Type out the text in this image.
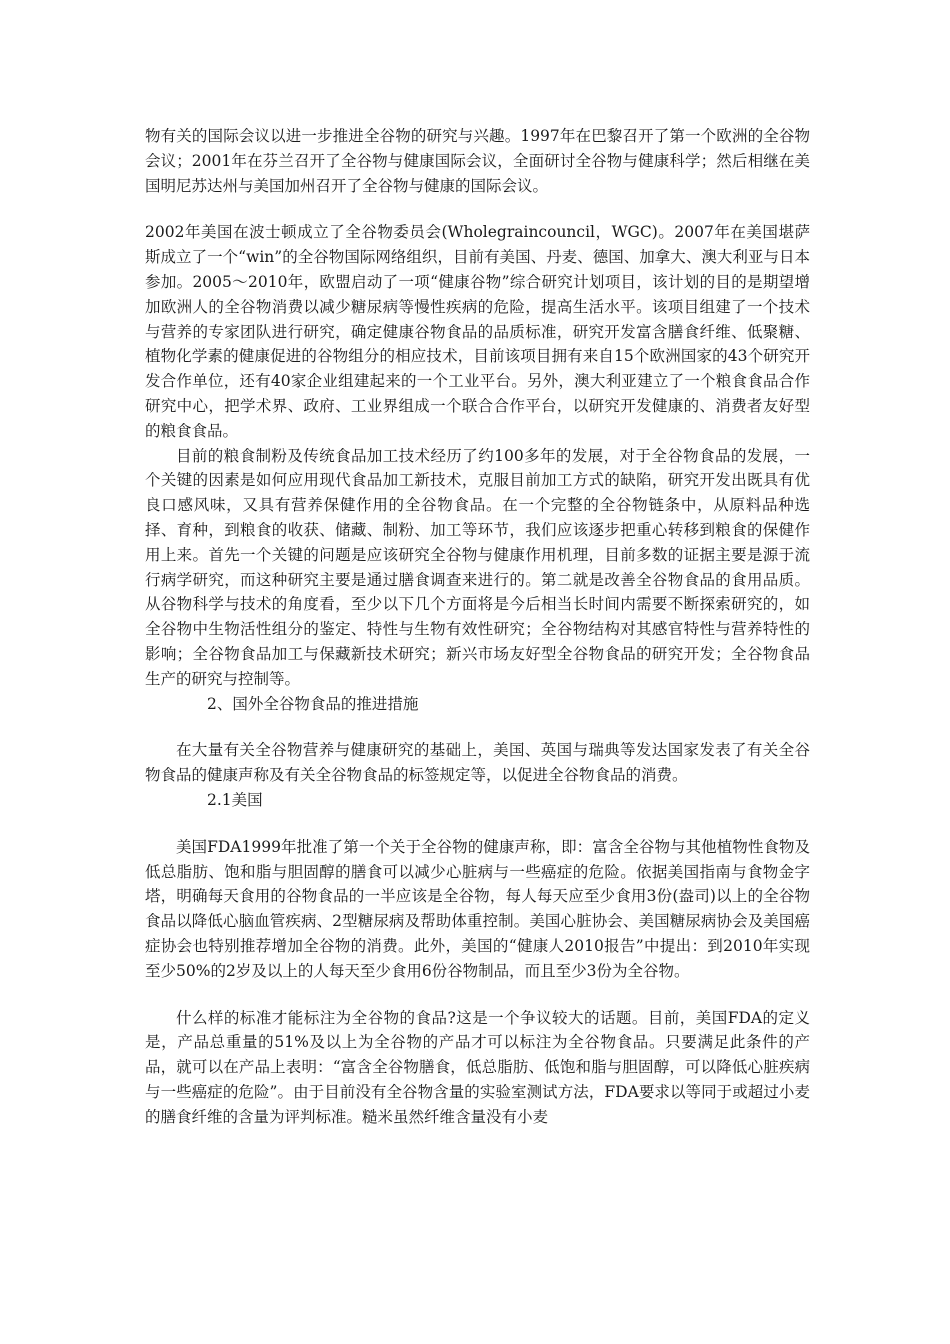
物有关的国际会议以进一步推进全谷物的研究与兴趣。1997年在巴黎召开了第一个欧洲的全谷物会议；2001年在芬兰召开了全谷物与健康国际会议，全面研讨全谷物与健康科学；然后相继在美国明尼苏达州与美国加州召开了全谷物与健康的国际会议。

2002年美国在波士顿成立了全谷物委员会(Wholegraincouncil，WGC)。2007年在美国堪萨斯成立了一个“win”的全谷物国际网络组织，目前有美国、丹麦、德国、加拿大、澳大利亚与日本参加。2005～2010年，欧盟启动了一项“健康谷物”综合研究计划项目，该计划的目的是期望增加欧洲人的全谷物消费以减少糖尿病等慢性疾病的危险，提高生活水平。该项目组建了一个技术与营养的专家团队进行研究，确定健康谷物食品的品质标准，研究开发富含膳食纤维、低聚糖、植物化学素的健康促进的谷物组分的相应技术，目前该项目拥有来自15个欧洲国家的43个研究开发合作单位，还有40家企业组建起来的一个工业平台。另外，澳大利亚建立了一个粮食食品合作研究中心，把学术界、政府、工业界组成一个联合合作平台，以研究开发健康的、消费者友好型的粮食食品。

目前的粮食制粉及传统食品加工技术经历了约100多年的发展，对于全谷物食品的发展，一个关键的因素是如何应用现代食品加工新技术，克服目前加工方式的缺陷，研究开发出既具有优良口感风味，又具有营养保健作用的全谷物食品。在一个完整的全谷物链条中，从原料品种选择、育种，到粮食的收获、储藏、制粉、加工等环节，我们应该逐步把重心转移到粮食的保健作用上来。首先一个关键的问题是应该研究全谷物与健康作用机理，目前多数的证据主要是源于流行病学研究，而这种研究主要是通过膳食调查来进行的。第二就是改善全谷物食品的食用品质。从谷物科学与技术的角度看，至少以下几个方面将是今后相当长时间内需要不断探索研究的，如全谷物中生物活性组分的鉴定、特性与生物有效性研究；全谷物结构对其感官特性与营养特性的影响；全谷物食品加工与保藏新技术研究；新兴市场友好型全谷物食品的研究开发；全谷物食品生产的研究与控制等。

2、国外全谷物食品的推进措施

在大量有关全谷物营养与健康研究的基础上，美国、英国与瑞典等发达国家发表了有关全谷物食品的健康声称及有关全谷物食品的标签规定等，以促进全谷物食品的消费。

2.1美国

美国FDA1999年批准了第一个关于全谷物的健康声称，即：富含全谷物与其他植物性食物及低总脂肪、饱和脂与胆固醇的膳食可以减少心脏病与一些癌症的危险。依据美国指南与食物金字塔，明确每天食用的谷物食品的一半应该是全谷物，每人每天应至少食用3份(盎司)以上的全谷物食品以降低心脑血管疾病、2型糖尿病及帮助体重控制。美国心脏协会、美国糖尿病协会及美国癌症协会也特别推荐增加全谷物的消费。此外，美国的“健康人2010报告”中提出：到2010年实现至少50%的2岁及以上的人每天至少食用6份谷物制品，而且至少3份为全谷物。

什么样的标准才能标注为全谷物的食品?这是一个争议较大的话题。目前，美国FDA的定义是，产品总重量的51%及以上为全谷物的产品才可以标注为全谷物食品。只要满足此条件的产品，就可以在产品上表明：“富含全谷物膳食，低总脂肪、低饱和脂与胆固醇，可以降低心脏疾病与一些癌症的危险”。由于目前没有全谷物含量的实验室测试方法，FDA要求以等同于或超过小麦的膳食纤维的含量为评判标准。糙米虽然纤维含量没有小麦
